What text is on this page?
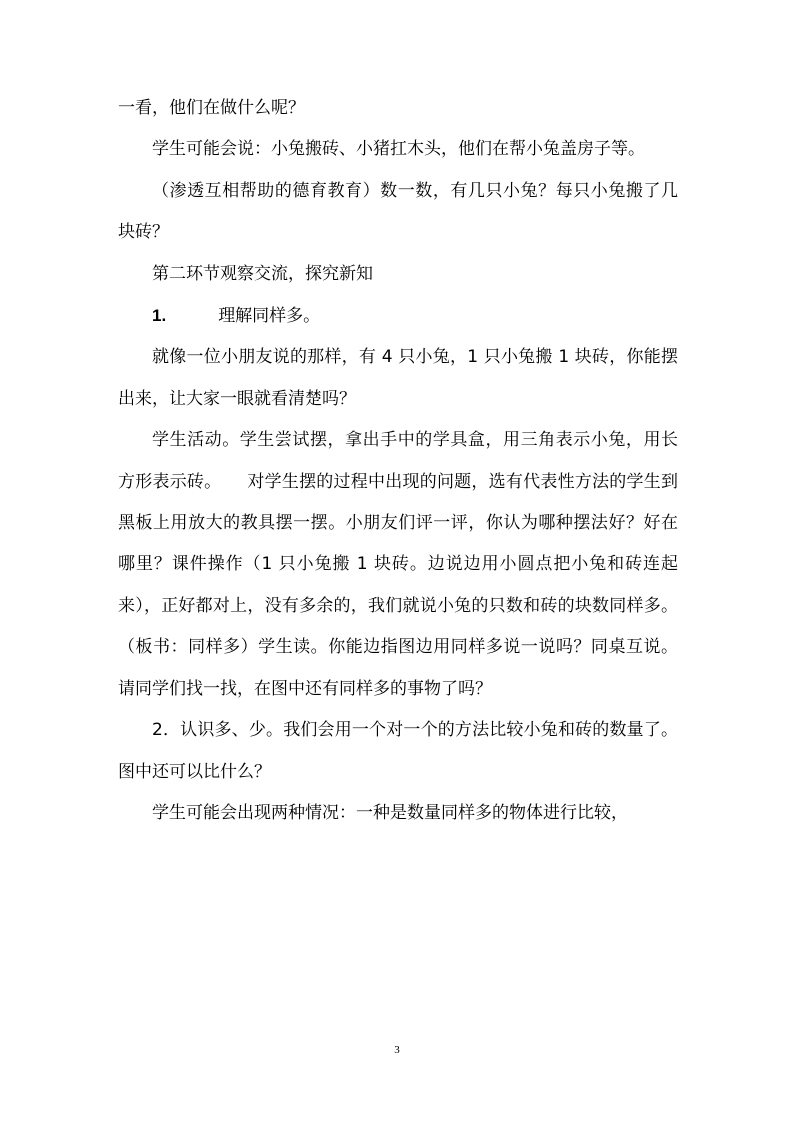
一看，他们在做什么呢？

学生可能会说：小兔搬砖、小猪扛木头，他们在帮小兔盖房子等。

（渗透互相帮助的德育教育）数一数，有几只小兔？每只小兔搬了几块砖？

第二环节观察交流，探究新知

1.	理解同样多。

就像一位小朋友说的那样，有 4 只小兔，1 只小兔搬 1 块砖，你能摆出来，让大家一眼就看清楚吗？

学生活动。学生尝试摆，拿出手中的学具盒，用三角表示小兔，用长方形表示砖。　　对学生摆的过程中出现的问题，选有代表性方法的学生到黑板上用放大的教具摆一摆。小朋友们评一评，你认为哪种摆法好？好在哪里？课件操作（1 只小兔搬 1 块砖。边说边用小圆点把小兔和砖连起来），正好都对上，没有多余的，我们就说小兔的只数和砖的块数同样多。（板书：同样多）学生读。你能边指图边用同样多说一说吗？同桌互说。请同学们找一找，在图中还有同样多的事物了吗？

2．认识多、少。我们会用一个对一个的方法比较小兔和砖的数量了。图中还可以比什么？

学生可能会出现两种情况：一种是数量同样多的物体进行比较，

3
